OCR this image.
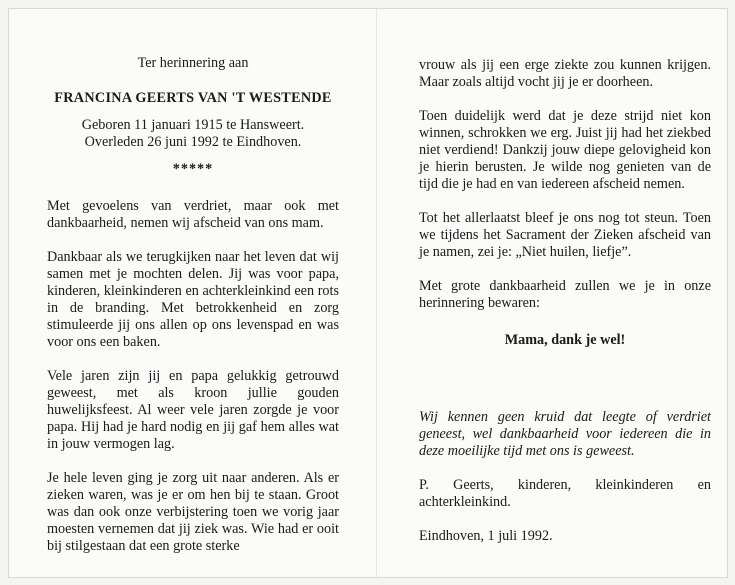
Ter herinnering aan
FRANCINA GEERTS VAN 'T WESTENDE
Geboren 11 januari 1915 te Hansweert.
Overleden 26 juni 1992 te Eindhoven.
*****

Met gevoelens van verdriet, maar ook met dankbaarheid, nemen wij afscheid van ons mam.

Dankbaar als we terugkijken naar het leven dat wij samen met je mochten delen. Jij was voor papa, kinderen, kleinkinderen en achterkleinkind een rots in de branding. Met betrokkenheid en zorg stimuleerde jij ons allen op ons levenspad en was voor ons een baken.

Vele jaren zijn jij en papa gelukkig getrouwd geweest, met als kroon jullie gouden huwelijksfeest. Al weer vele jaren zorgde je voor papa. Hij had je hard nodig en jij gaf hem alles wat in jouw vermogen lag.

Je hele leven ging je zorg uit naar anderen. Als er zieken waren, was je er om hen bij te staan. Groot was dan ook onze verbijstering toen we vorig jaar moesten vernemen dat jij ziek was. Wie had er ooit bij stilgestaan dat een grote sterke

vrouw als jij een erge ziekte zou kunnen krijgen. Maar zoals altijd vocht jij je er doorheen.

Toen duidelijk werd dat je deze strijd niet kon winnen, schrokken we erg. Juist jij had het ziekbed niet verdiend! Dankzij jouw diepe gelovigheid kon je hierin berusten. Je wilde nog genieten van de tijd die je had en van iedereen afscheid nemen.

Tot het allerlaatst bleef je ons nog tot steun. Toen we tijdens het Sacrament der Zieken afscheid van je namen, zei je: „Niet huilen, liefje”.

Met grote dankbaarheid zullen we je in onze herinnering bewaren:

Mama, dank je wel!

Wij kennen geen kruid dat leegte of verdriet geneest, wel dankbaarheid voor iedereen die in deze moeilijke tijd met ons is geweest.

P. Geerts, kinderen, kleinkinderen en achterkleinkind.

Eindhoven, 1 juli 1992.
